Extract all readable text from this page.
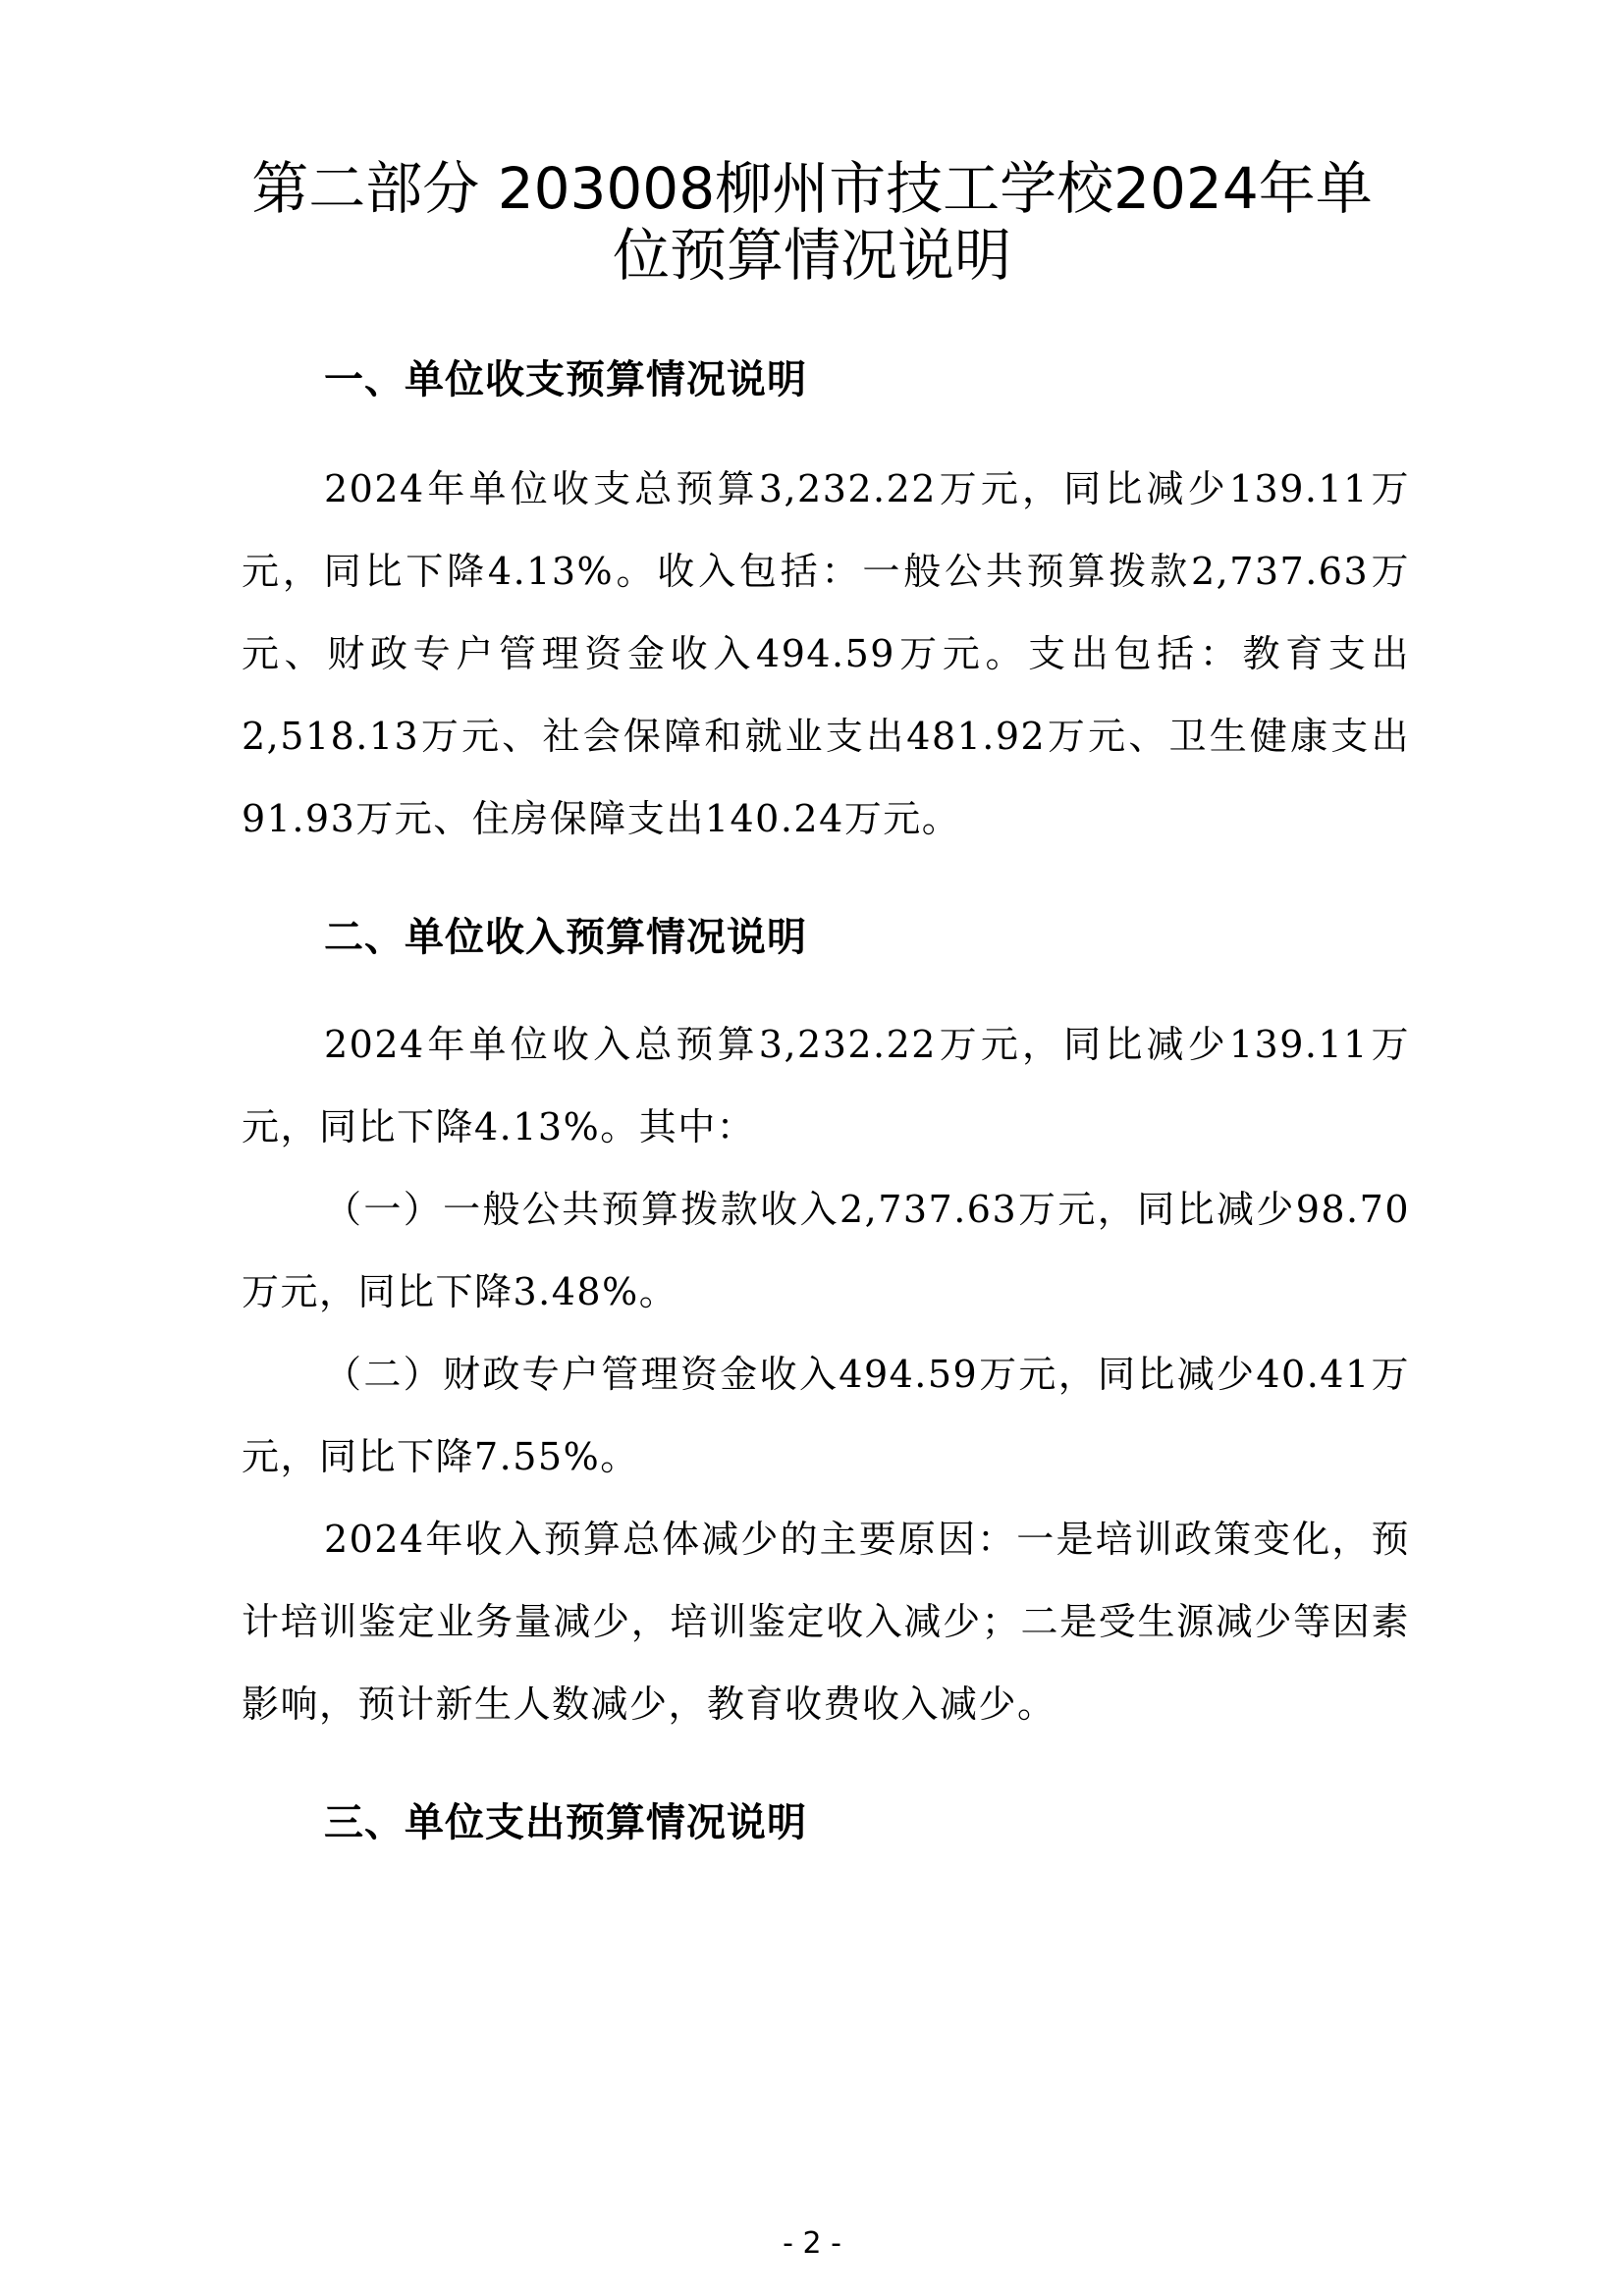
第二部分 203008柳州市技工学校2024年单位预算情况说明
一、单位收支预算情况说明

2024年单位收支总预算3,232.22万元，同比减少139.11万元，同比下降4.13%。收入包括：一般公共预算拨款2,737.63万元、财政专户管理资金收入494.59万元。支出包括：教育支出2,518.13万元、社会保障和就业支出481.92万元、卫生健康支出91.93万元、住房保障支出140.24万元。

二、单位收入预算情况说明

2024年单位收入总预算3,232.22万元，同比减少139.11万元，同比下降4.13%。其中：

（一）一般公共预算拨款收入2,737.63万元，同比减少98.70万元，同比下降3.48%。

（二）财政专户管理资金收入494.59万元，同比减少40.41万元，同比下降7.55%。

2024年收入预算总体减少的主要原因：一是培训政策变化，预计培训鉴定业务量减少，培训鉴定收入减少；二是受生源减少等因素影响，预计新生人数减少，教育收费收入减少。

三、单位支出预算情况说明
- 2 -
